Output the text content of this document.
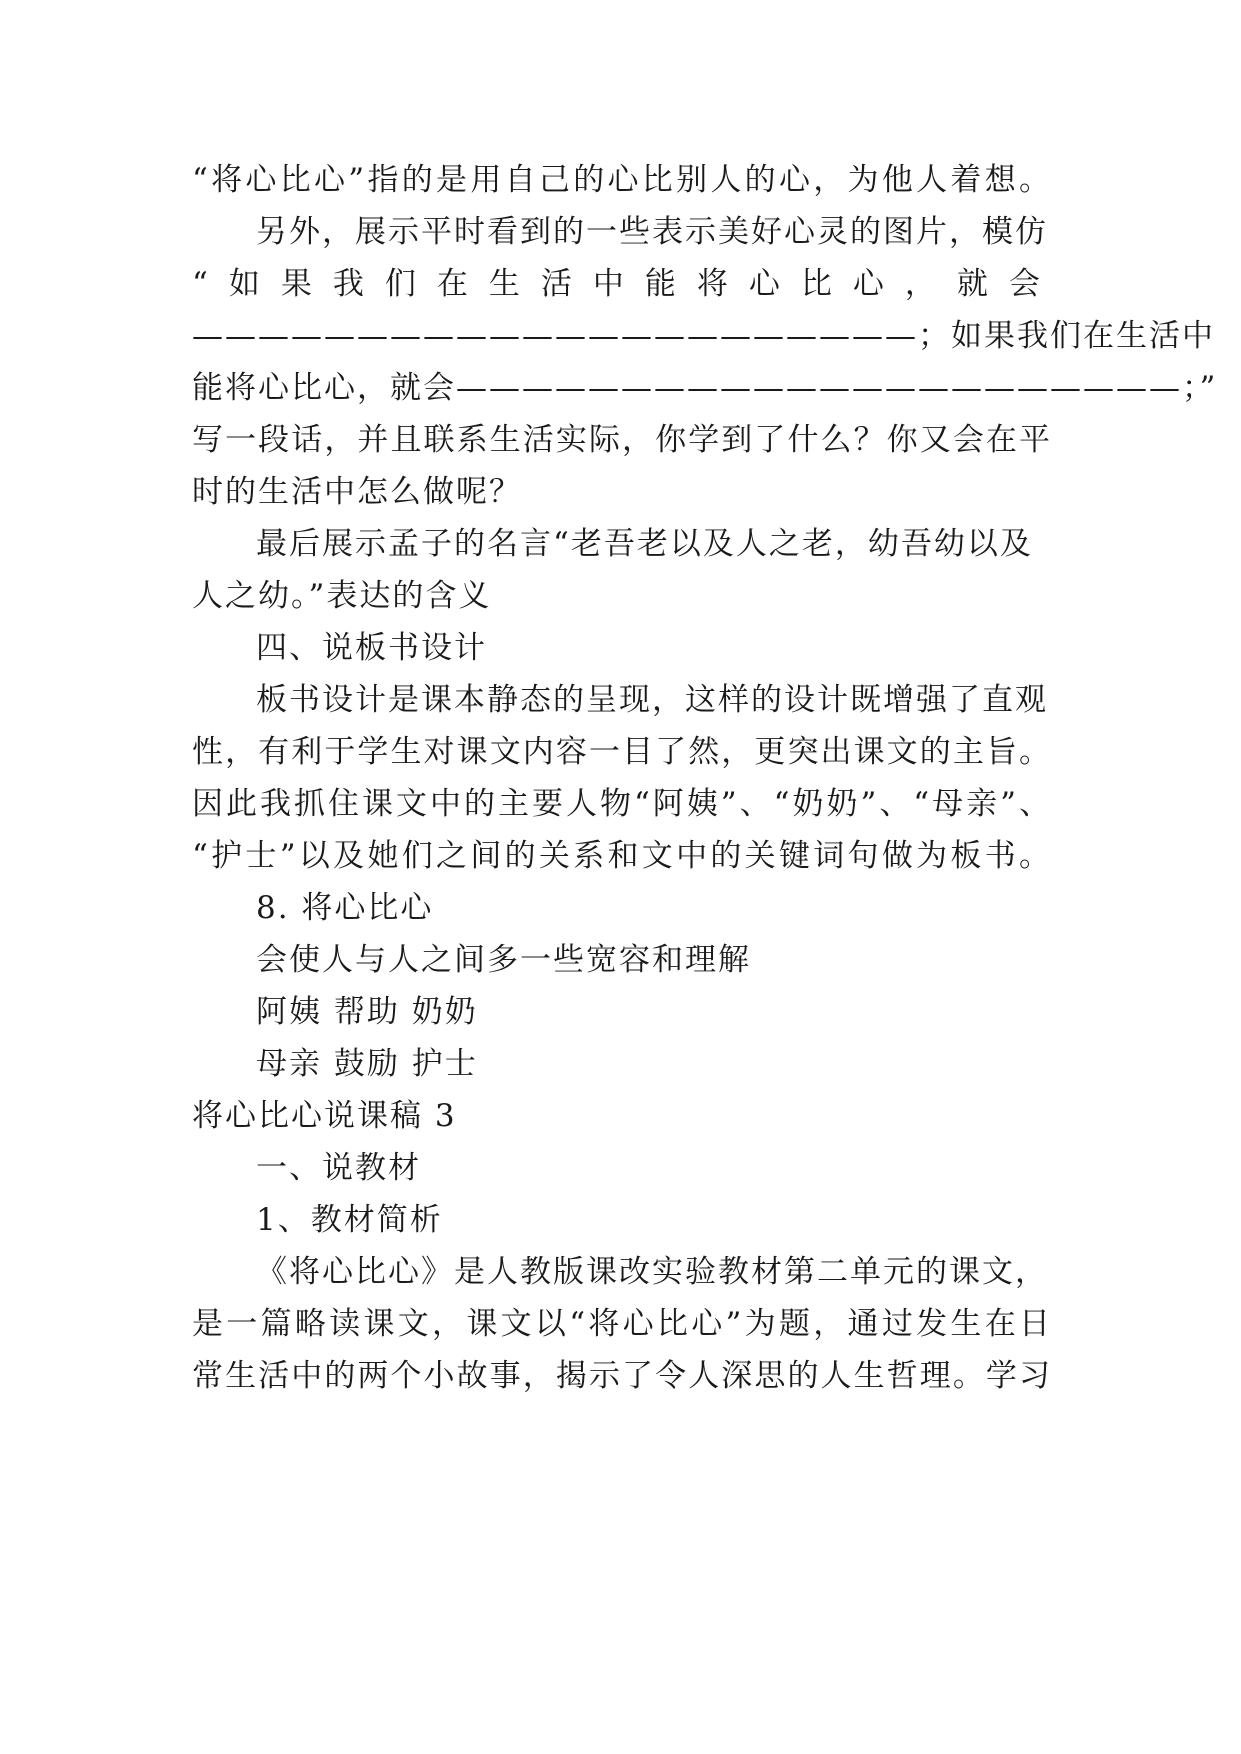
“将心比心”指的是用自己的心比别人的心，为他人着想。
另外，展示平时看到的一些表示美好心灵的图片，模仿
“如果我们在生活中能将心比心，就会
——————————————————————；如果我们在生活中
能将心比心，就会——————————————————————；”
写一段话，并且联系生活实际，你学到了什么？你又会在平
时的生活中怎么做呢？
最后展示孟子的名言“老吾老以及人之老，幼吾幼以及
人之幼。”表达的含义
四、说板书设计
板书设计是课本静态的呈现，这样的设计既增强了直观
性，有利于学生对课文内容一目了然，更突出课文的主旨。
因此我抓住课文中的主要人物“阿姨”、“奶奶”、“母亲”、
“护士”以及她们之间的关系和文中的关键词句做为板书。
8. 将心比心
会使人与人之间多一些宽容和理解
阿姨 帮助 奶奶
母亲 鼓励 护士
将心比心说课稿 3
一、说教材
1、教材简析
《将心比心》是人教版课改实验教材第二单元的课文，
是一篇略读课文，课文以“将心比心”为题，通过发生在日
常生活中的两个小故事，揭示了令人深思的人生哲理。学习
